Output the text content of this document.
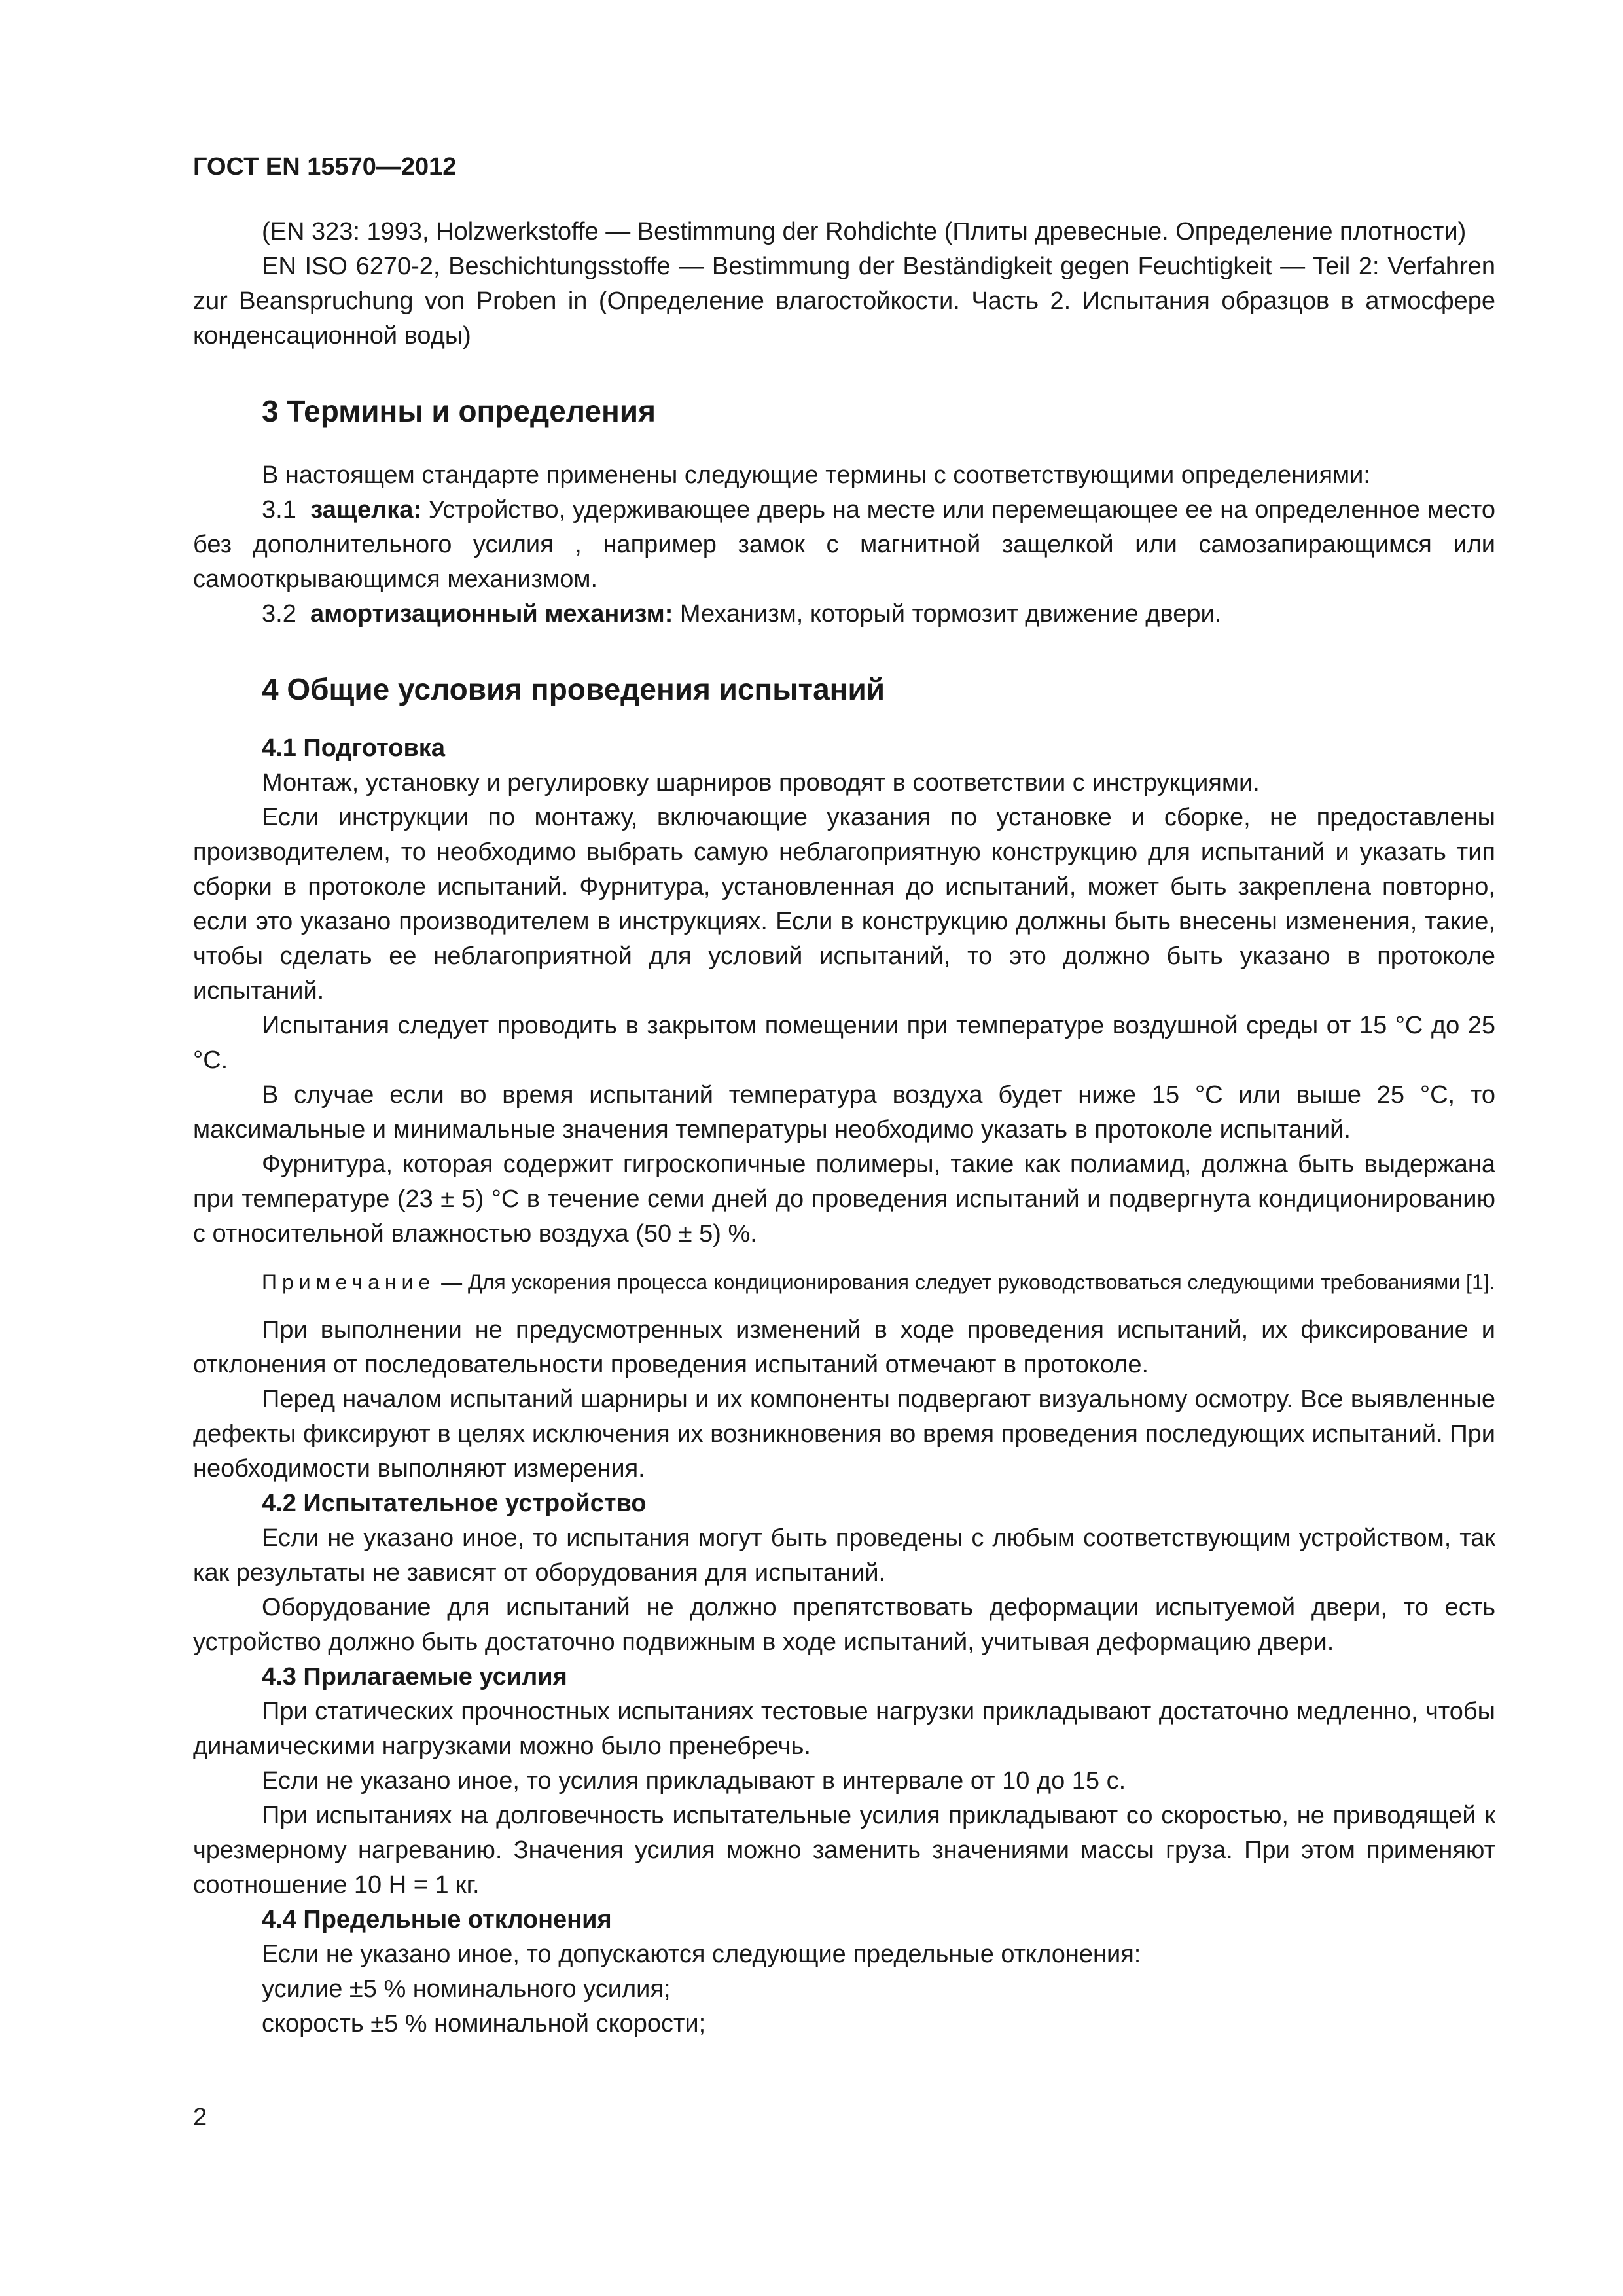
ГОСТ EN 15570—2012

(EN 323: 1993, Holzwerkstoffe — Bestimmung der Rohdichte (Плиты древесные. Определение плотности)

EN ISO 6270-2, Beschichtungsstoffe — Bestimmung der Beständigkeit gegen Feuchtigkeit — Teil 2: Verfahren zur Beanspruchung von Proben in (Определение влагостойкости. Часть 2. Испытания образцов в атмосфере конденсационной воды)

3 Термины и определения

В настоящем стандарте применены следующие термины с соответствующими определениями:

3.1 защелка: Устройство, удерживающее дверь на месте или перемещающее ее на определенное место без дополнительного усилия , например замок с магнитной защелкой или самозапирающимся или самооткрывающимся механизмом.

3.2 амортизационный механизм: Механизм, который тормозит движение двери.

4 Общие условия проведения испытаний
4.1 Подготовка

Монтаж, установку и регулировку шарниров проводят в соответствии с инструкциями.

Если инструкции по монтажу, включающие указания по установке и сборке, не предоставлены производителем, то необходимо выбрать самую неблагоприятную конструкцию для испытаний и указать тип сборки в протоколе испытаний. Фурнитура, установленная до испытаний, может быть закреплена повторно, если это указано производителем в инструкциях. Если в конструкцию должны быть внесены изменения, такие, чтобы сделать ее неблагоприятной для условий испытаний, то это должно быть указано в протоколе испытаний.

Испытания следует проводить в закрытом помещении при температуре воздушной среды от 15 °С до 25 °С.

В случае если во время испытаний температура воздуха будет ниже 15 °С или выше 25 °С, то максимальные и минимальные значения температуры необходимо указать в протоколе испытаний.

Фурнитура, которая содержит гигроскопичные полимеры, такие как полиамид, должна быть выдержана при температуре (23 ± 5) °С в течение семи дней до проведения испытаний и подвергнута кондиционированию с относительной влажностью воздуха (50 ± 5) %.

Примечание — Для ускорения процесса кондиционирования следует руководствоваться следующими требованиями [1].

При выполнении не предусмотренных изменений в ходе проведения испытаний, их фиксирование и отклонения от последовательности проведения испытаний отмечают в протоколе.

Перед началом испытаний шарниры и их компоненты подвергают визуальному осмотру. Все выявленные дефекты фиксируют в целях исключения их возникновения во время проведения последующих испытаний. При необходимости выполняют измерения.

4.2 Испытательное устройство

Если не указано иное, то испытания могут быть проведены с любым соответствующим устройством, так как результаты не зависят от оборудования для испытаний.

Оборудование для испытаний не должно препятствовать деформации испытуемой двери, то есть устройство должно быть достаточно подвижным в ходе испытаний, учитывая деформацию двери.

4.3 Прилагаемые усилия

При статических прочностных испытаниях тестовые нагрузки прикладывают достаточно медленно, чтобы динамическими нагрузками можно было пренебречь.

Если не указано иное, то усилия прикладывают в интервале от 10 до 15 с.

При испытаниях на долговечность испытательные усилия прикладывают со скоростью, не приводящей к чрезмерному нагреванию. Значения усилия можно заменить значениями массы груза. При этом применяют соотношение 10 Н = 1 кг.

4.4 Предельные отклонения

Если не указано иное, то допускаются следующие предельные отклонения:

усилие ±5 % номинального усилия;

скорость ±5 % номинальной скорости;

2
